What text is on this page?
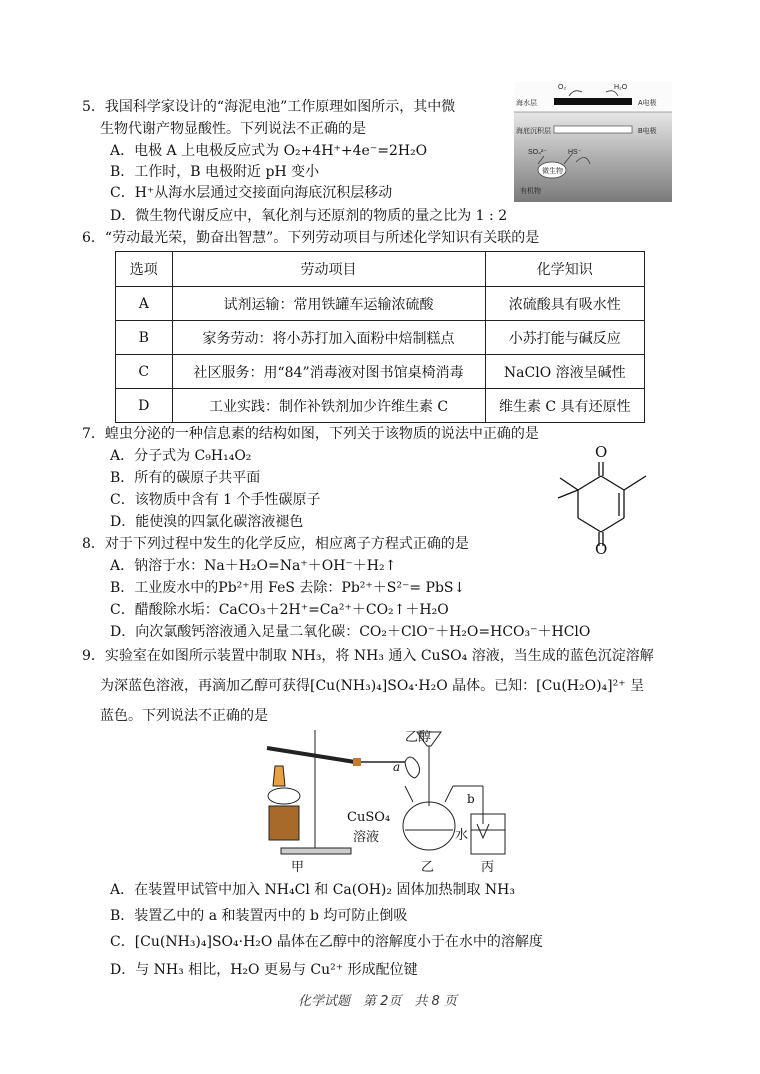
5．我国科学家设计的“海泥电池”工作原理如图所示，其中微
生物代谢产物显酸性。下列说法不正确的是
A．电极 A 上电极反应式为 O₂+4H⁺+4e⁻=2H₂O
B．工作时，B 电极附近 pH 变小
C．H⁺从海水层通过交接面向海底沉积层移动
D．微生物代谢反应中，氧化剂与还原剂的物质的量之比为 1 : 2
O₂	H₂O
海水层	A电极
海底沉积层	B电极
SO₄²⁻	HS⁻
微生物
有机物
6．“劳动最光荣，勤奋出智慧”。下列劳动项目与所述化学知识有关联的是
选项	劳动项目	化学知识
A	试剂运输：常用铁罐车运输浓硫酸	浓硫酸具有吸水性
B	家务劳动：将小苏打加入面粉中焙制糕点	小苏打能与碱反应
C	社区服务：用“84”消毒液对图书馆桌椅消毒	NaClO 溶液呈碱性
D	工业实践：制作补铁剂加少许维生素 C	维生素 C 具有还原性
7．蝗虫分泌的一种信息素的结构如图，下列关于该物质的说法中正确的是
A．分子式为 C₉H₁₄O₂
B．所有的碳原子共平面
C．该物质中含有 1 个手性碳原子
D．能使溴的四氯化碳溶液褪色
O
O
8．对于下列过程中发生的化学反应，相应离子方程式正确的是
A．钠溶于水：Na＋H₂O=Na⁺＋OH⁻＋H₂↑
B．工业废水中的Pb²⁺用 FeS 去除：Pb²⁺＋S²⁻= PbS↓
C．醋酸除水垢：CaCO₃＋2H⁺=Ca²⁺＋CO₂↑＋H₂O
D．向次氯酸钙溶液通入足量二氧化碳：CO₂＋ClO⁻＋H₂O=HCO₃⁻＋HClO
9．实验室在如图所示装置中制取 NH₃，将 NH₃ 通入 CuSO₄ 溶液，当生成的蓝色沉淀溶解
为深蓝色溶液，再滴加乙醇可获得[Cu(NH₃)₄]SO₄·H₂O 晶体。已知：[Cu(H₂O)₄]²⁺ 呈
蓝色。下列说法不正确的是
乙醇
a
b
CuSO₄
溶液	水
甲	乙	丙
A．在装置甲试管中加入 NH₄Cl 和 Ca(OH)₂ 固体加热制取 NH₃
B．装置乙中的 a 和装置丙中的 b 均可防止倒吸
C．[Cu(NH₃)₄]SO₄·H₂O 晶体在乙醇中的溶解度小于在水中的溶解度
D．与 NH₃ 相比，H₂O 更易与 Cu²⁺ 形成配位键
化学试题　第 2页　共 8 页
